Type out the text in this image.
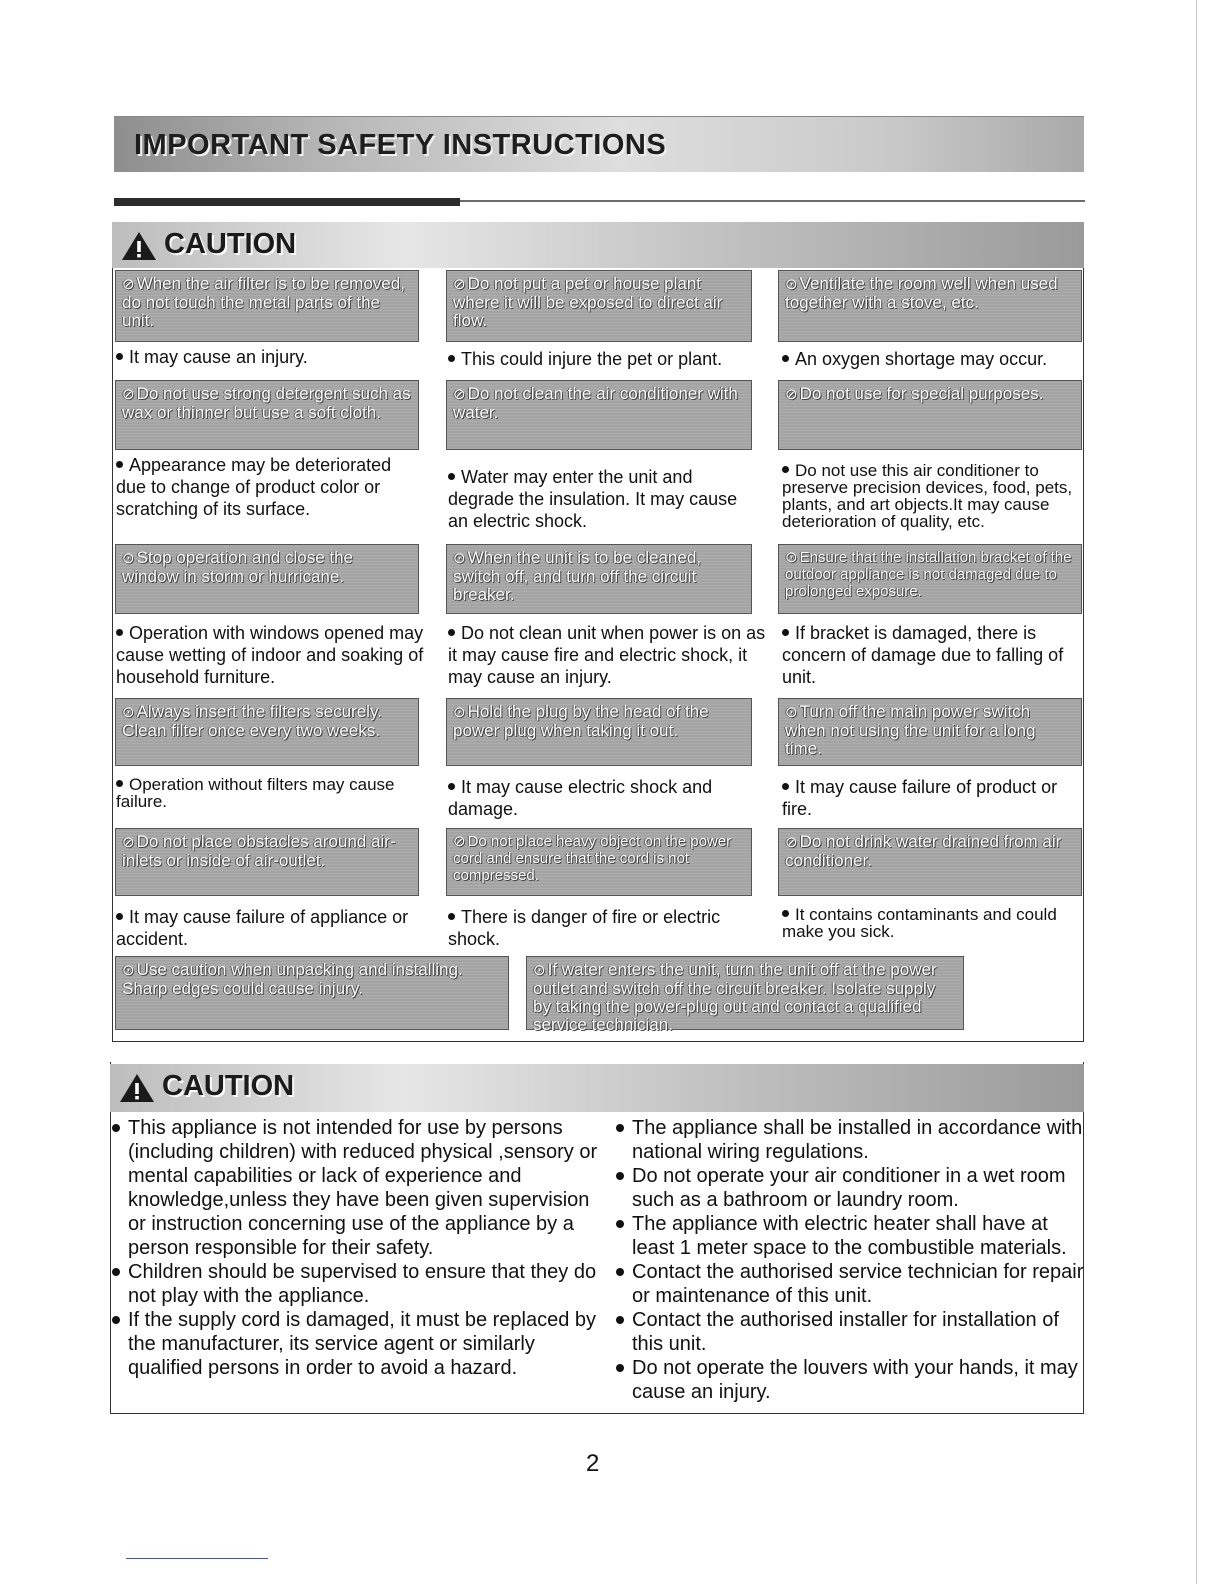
IMPORTANT SAFETY INSTRUCTIONS
CAUTION
⊘ When the air filter is to be removed, do not touch the metal parts of the unit.
It may cause an injury.
⊘ Do not put a pet or house plant where it will be exposed to direct air flow.
This could injure the pet or plant.
⊙ Ventilate the room well when used together with a stove, etc.
An oxygen shortage may occur.
⊘ Do not use strong detergent such as wax or thinner but use a soft cloth.
Appearance may be deteriorated due to change of product color or scratching of its surface.
⊘ Do not clean the air conditioner with water.
Water may enter the unit and degrade the insulation. It may cause an electric shock.
⊘ Do not use for special purposes.
Do not use this air conditioner to preserve precision devices, food, pets, plants, and art objects.It may cause deterioration of quality, etc.
⊙ Stop operation and close the window in storm or hurricane.
Operation with windows opened may cause wetting of indoor and soaking of household furniture.
⊙ When the unit is to be cleaned, switch off, and turn off the circuit breaker.
Do not clean unit when power is on as it may cause fire and electric shock, it may cause an injury.
⊙ Ensure that the installation bracket of the outdoor appliance is not damaged due to prolonged exposure.
If bracket is damaged, there is concern of damage due to falling of unit.
⊙ Always insert the filters securely. Clean filter once every two weeks.
Operation without filters may cause failure.
⊙ Hold the plug by the head of the power plug when taking it out.
It may cause electric shock and damage.
⊙ Turn off the main power switch when not using the unit for a long time.
It may cause failure of product or fire.
⊘ Do not place obstacles around air-inlets or inside of air-outlet.
It may cause failure of appliance or accident.
⊘ Do not place heavy object on the power cord and ensure that the cord is not compressed.
There is danger of fire or electric shock.
⊘ Do not drink water drained from air conditioner.
It contains contaminants and could make you sick.
⊙ Use caution when unpacking and installing. Sharp edges could cause injury.
⊙ If water enters the unit, turn the unit off at the power outlet and switch off the circuit breaker. Isolate supply by taking the power-plug out and contact a qualified service technician.
CAUTION
This appliance is not intended for use by persons (including children) with reduced physical ,sensory or mental capabilities or lack of experience and knowledge,unless they have been given supervision or instruction concerning use of the appliance by a person responsible for their safety.
Children should be supervised to ensure that they do not play with the appliance.
If the supply cord is damaged, it must be replaced by the manufacturer, its service agent or similarly qualified persons in order to avoid a hazard.
The appliance shall be installed in accordance with national wiring regulations.
Do not operate your air conditioner in a wet room such as a bathroom or laundry room.
The appliance with electric heater shall have at least 1 meter space to the combustible materials.
Contact the authorised service technician for repair or maintenance of this unit.
Contact the authorised installer for installation of this unit.
Do not operate the louvers with your hands, it may cause an injury.
2
